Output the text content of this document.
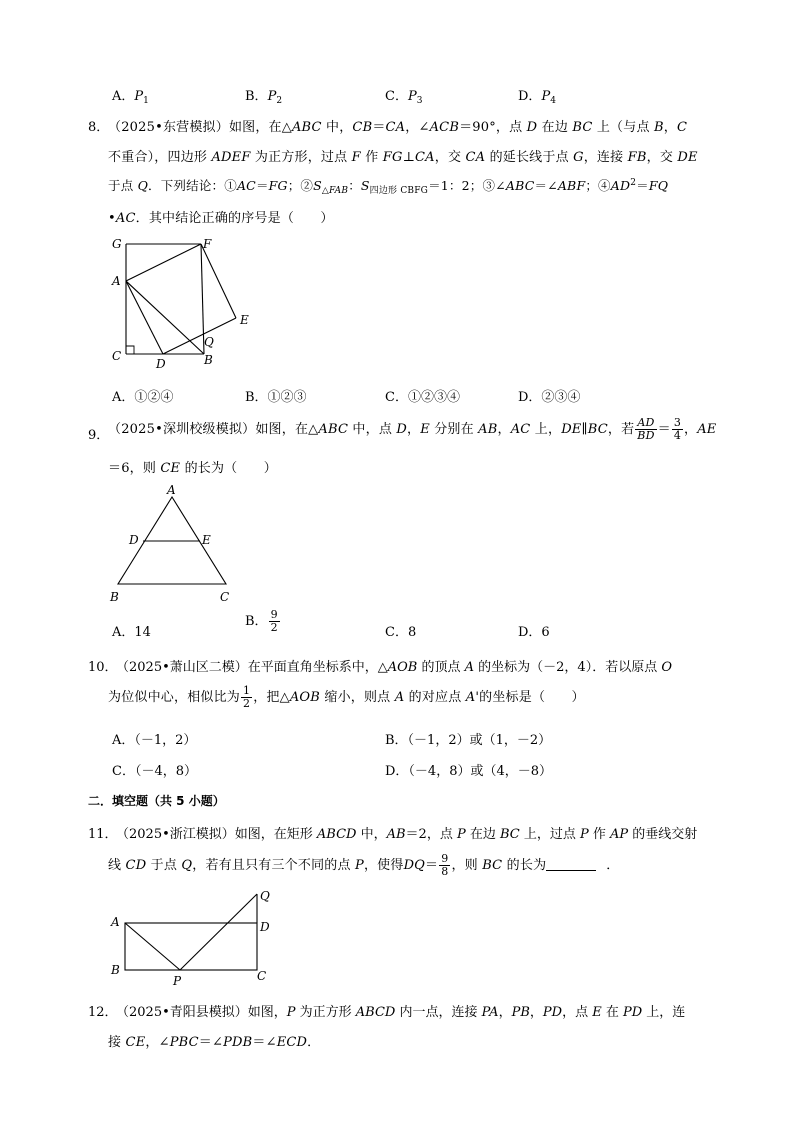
A．$P_1$	B．$P_2$	C．$P_3$	D．$P_4$
8．
（2025•东营模拟）如图，在△ABC 中，CB＝CA，∠ACB＝90°，点 D 在边 BC 上（与点 B，C
不重合），四边形 ADEF 为正方形，过点 F 作 FG⊥CA，交 CA 的延长线于点 G，连接 FB，交 DE
于点 Q．下列结论：①AC＝FG；$②S_{\triangle FAB}$：$S_{四边形 CBFG}=1$：2；③∠ABC＝∠ABF；$④AD^2=FQ$
•AC．其中结论正确的序号是（　　）
G	F
A
E
C
Q
B
D
A．①②④	B．①②③	C．①②③④	D．②③④
9．
（2025•深圳校级模拟）如图，在△ABC 中，点 D，E 分别在 AB，AC 上，DE∥BC，若 $\frac{AD}{BD} = \frac{3}{4}$ ，AE
＝6，则 CE 的长为（　　）
A
D	E
B	C
A．14
B． $\frac{9}{2}$	C．8	D．6
10．
（2025•萧山区二模）在平面直角坐标系中，△AOB 的顶点 A 的坐标为（－2，4）．若以原点 O
为位似中心，相似比为 $\frac{1}{2}$ ，把△AOB 缩小，则点 A 的对应点 A'的坐标是（　　）
A．（－1，2）	B．（－1，2）或（1，－2）
C．（－4，8）	D．（－4，8）或（4，－8）
二．填空题（共 5 小题）
11．
（2025•浙江模拟）如图，在矩形 ABCD 中，AB＝2，点 P 在边 BC 上，过点 P 作 AP 的垂线交射
线 CD 于点 Q，若有且只有三个不同的点 P，使得$DQ= \frac{9}{8}$ ，则 BC 的长为	．
Q
A	D
B
P	C
12．
（2025•青阳县模拟）如图，P 为正方形 ABCD 内一点，连接 PA，PB，PD，点 E 在 PD 上，连
接 CE，∠PBC＝∠PDB＝∠ECD．
